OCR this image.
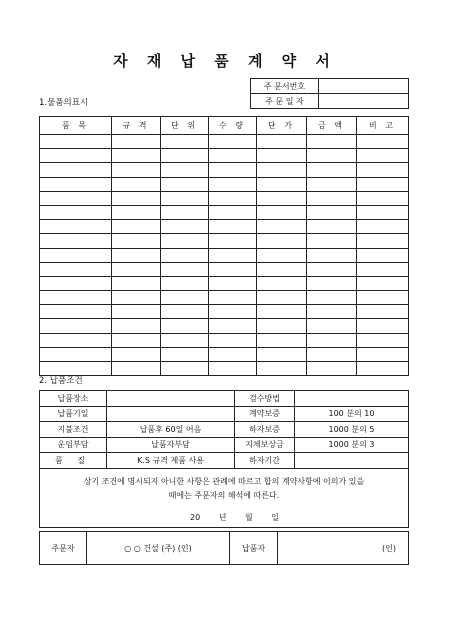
자 재 납 품 계 약 서
주 문서번호	
주 문 일 자	
1.물품의표시
품 목	규 격	단 위	수 량	단 가	금 액	비 고

2. 납품조건
납품장소		검수방법	
납품기일		계약보증	100 분의 10
지불조건	납품후 60일 어음	하자보증	1000 분의 5
운임부담	납품자부담	지체보상금	1000 분의 3
품 질	K.S 규격 제품 사용	하자기간	
상기 조건에 명시되지 아니한 사항은 관례에 따르고 합의 계약사항에 이의가 있을
때에는 주문자의 해석에 따른다.
20 년 월 일			
주문자	○ ○ 건설 (주) (인)	납품자	(인)
